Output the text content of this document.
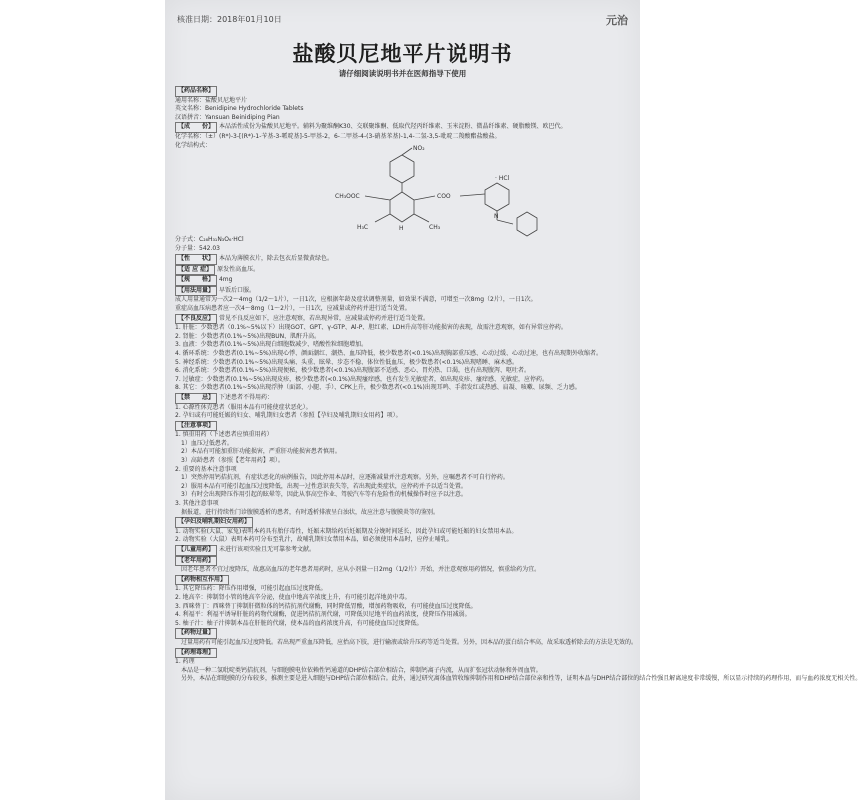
核准日期：2018年01月10日	元治
盐酸贝尼地平片说明书
请仔细阅读说明书并在医师指导下使用
【药品名称】
通用名称：盐酸贝尼地平片
英文名称：Benidipine Hydrochloride Tablets
汉语拼音：Yansuan Beinidiping Pian
【成　　份】 本品活性成份为盐酸贝尼地平。辅料为聚维酮K30、交联聚维酮、低取代羟丙纤维素、玉米淀粉、微晶纤维素、硬脂酸镁、欧巴代。
化学名称：（±）(R*)-3-[(R*)-1-苄基-3-哌啶基]-5-甲基-2，6-二甲基-4-(3-硝基苯基)-1,4-二氢-3,5-吡啶二羧酸酯盐酸盐。
化学结构式：	NO₂
CH₃OOC	COO
· HCl
H₃C	CH₃
H
N
分子式：C₂₈H₃₁N₃O₆·HCl
分子量：542.03
【性　　状】 本品为薄膜衣片，除去包衣后显微黄绿色。
【适 应 症】 原发性高血压。
【规　　格】 4mg
【用法用量】 早饭后口服。
成人用量通常为一次2～4mg（1/2～1片），一日1次，应根据年龄及症状调整剂量，如效果不满意，可增至一次8mg（2片），一日1次。
重症高血压病患者应一次4～8mg（1～2片），一日1次，应减量或停药并进行适当处置。
【不良反应】 常见不良反应如下，应注意观察，若出现异常，应减量或停药并进行适当处置。
1. 肝脏：少数患者（0.1%~5%以下）出现GOT、GPT、γ-GTP、Al-P、胆红素、LDH升高等肝功能损害的表现，故需注意观察，如有异常应停药。
2. 肾脏：少数患者(0.1%~5%)出现BUN、肌酐升高。
3. 血液：少数患者(0.1%~5%)出现白细胞数减少、嗜酸性粒细胞增加。
4. 循环系统：少数患者(0.1%~5%)出现心悸、颜面潮红、潮热、血压降低，极少数患者(<0.1%)出现胸部重压感、心动过缓、心动过速，也有出现期外收缩者。
5. 神经系统：少数患者(0.1%~5%)出现头痛、头重、眩晕、步态不稳、体位性低血压，极少数患者(<0.1%)出现嗜睡、麻木感。
6. 消化系统：少数患者(0.1%~5%)出现便秘，极少数患者(<0.1%)出现腹部不适感、恶心、胃灼热、口渴，也有出现腹泻、呕吐者。
7. 过敏症：少数患者(0.1%~5%)出现皮疹，极少数患者(<0.1%)出现瘙痒感，也有发生光敏症者，如出现皮疹、瘙痒感、光敏症，应停药。
8. 其它：少数患者(0.1%~5%)出现浮肿（面部、小腿、手）、CPK上升，极少数患者(<0.1%)出现耳鸣、手指发红或热感、肩凝、咳嗽、尿频、乏力感。
【禁　　忌】 下述患者不得用药：
1. 心源性休克患者（服用本品有可能使症状恶化）。
2. 孕妇或有可能妊娠的妇女、哺乳期妇女患者（参照【孕妇及哺乳期妇女用药】项）。
【注意事项】
1. 慎重用药（下述患者应慎重用药）
　1）血压过低患者。
　2）本品有可能加重肝功能损害，严重肝功能损害患者慎用。
　3）高龄患者（参照【老年用药】项）。
2. 重要的基本注意事项
　1）突然停用钙拮抗剂，有症状恶化的病例报告，因此停用本品时，应逐渐减量并注意观察。另外，应嘱患者不可自行停药。
　2）服用本品有可能引起血压过度降低，出现一过性意识丧失等，若出现此类症状，应停药并予以适当处置。
　3）有时会出现降压作用引起的眩晕等，因此从事高空作业、驾驶汽车等有危险性的机械操作时应予以注意。
3. 其他注意事项
　据报道，进行持续性门诊腹膜透析的患者，有时透析排液呈白浊状，故应注意与腹膜炎等的鉴别。
【孕妇及哺乳期妇女用药】
1. 动物实验(大鼠、家兔)表明本药具有胎仔毒性，妊娠末期给药后妊娠期及分娩时间延长，因此孕妇或可能妊娠的妇女禁用本品。
2. 动物实验（大鼠）表明本药可分布至乳汁，故哺乳期妇女禁用本品，如必须使用本品时，应停止哺乳。
【儿童用药】 未进行该项实验且无可靠参考文献。
【老年用药】
　因老年患者不宜过度降压，故惠高血压的老年患者用药时，应从小剂量一日2mg（1/2片）开始，并注意观察用药情况，慎重给药为宜。
【药物相互作用】
1. 其它降压药：降压作用增强，可能引起血压过度降低。
2. 地高辛：抑制肾小管的地高辛分泌，使血中地高辛浓度上升，有可能引起洋地黄中毒。
3. 西咪替丁：西咪替丁抑制肝微粒体的钙拮抗剂代谢酶，同时降低胃酸，增加药物吸收，有可能使血压过度降低。
4. 利福平：利福平诱导肝脏的药物代谢酶，促进钙拮抗剂代谢，可降低贝尼地平的血药浓度，使降压作用减弱。
5. 柚子汁：柚子汁抑制本品在肝脏的代谢，使本品的血药浓度升高，有可能使血压过度降低。
【药物过量】
　过量用药有可能引起血压过度降低。若出现严重血压降低，应抬高下肢，进行输液或给升压药等适当处置。另外，因本品的蛋白结合率高，故采取透析除去的方法是无效的。
【药理毒理】
1. 药理
　本品是一种二氢吡啶类钙拮抗剂，与细胞膜电位依赖性钙通道的DHP结合部位相结合，抑制钙离子内流，从而扩张冠状动脉和外周血管。
　另外，本品在细胞膜的分布较多，推测主要是进入细胞与DHP结合部位相结合。此外，通过研究离体血管收缩抑制作用和DHP结合部位亲和性等，证明本品与DHP结合部位的结合性强且解离速度非常缓慢，所以显示持续的药理作用，而与血药浓度无相关性。
